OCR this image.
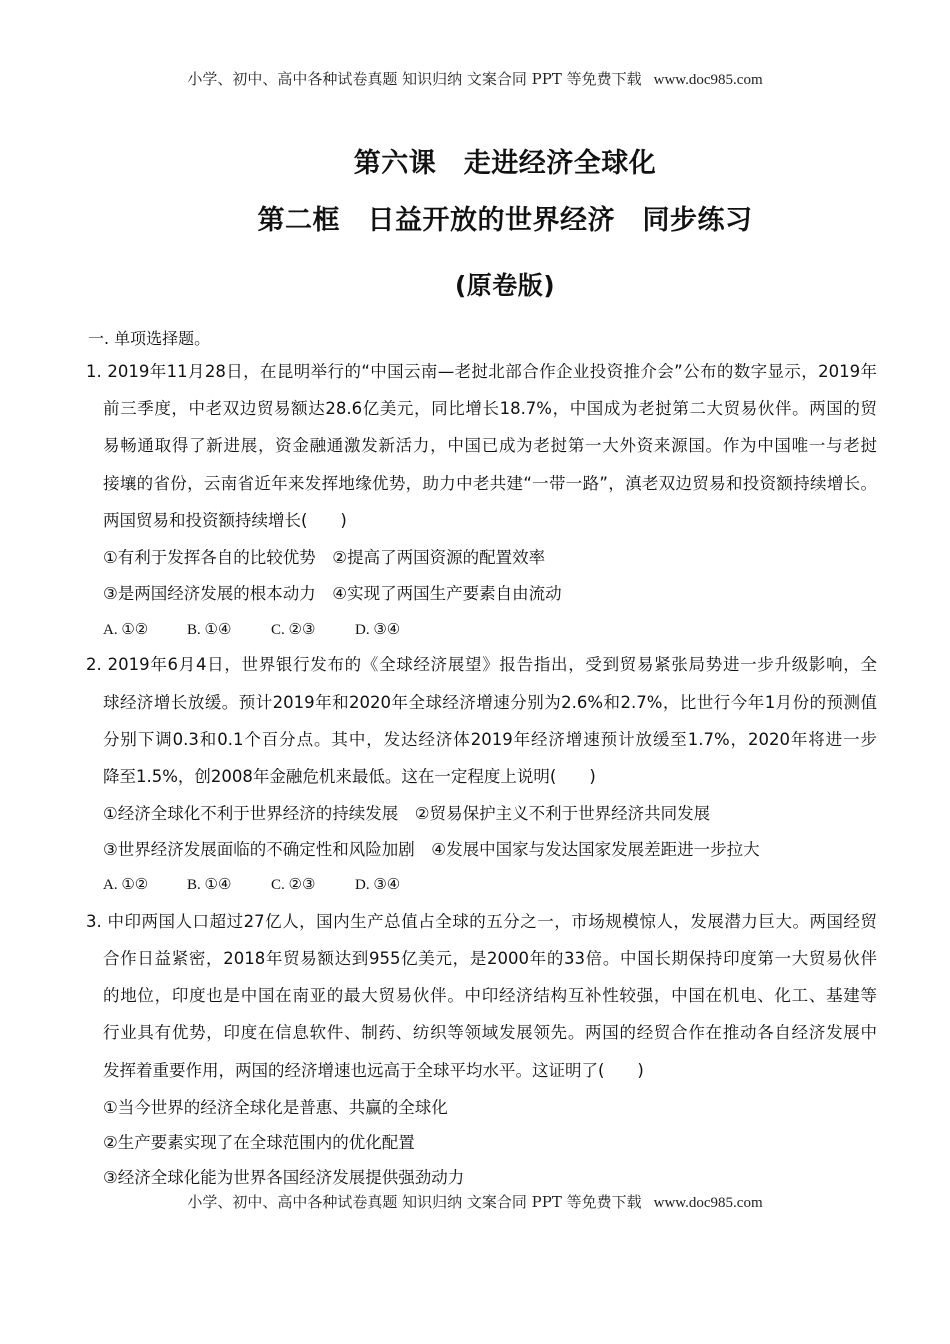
小学、初中、高中各种试卷真题 知识归纳 文案合同 PPT 等免费下载 www.doc985.com
第六课　走进经济全球化
第二框　日益开放的世界经济　同步练习
(原卷版)
一. 单项选择题。
1. 2019年11月28日，在昆明举行的“中国云南—老挝北部合作企业投资推介会”公布的数字显示，2019年
前三季度，中老双边贸易额达28.6亿美元，同比增长18.7%，中国成为老挝第二大贸易伙伴。两国的贸
易畅通取得了新进展，资金融通激发新活力，中国已成为老挝第一大外资来源国。作为中国唯一与老挝
接壤的省份，云南省近年来发挥地缘优势，助力中老共建“一带一路”，滇老双边贸易和投资额持续增长。
两国贸易和投资额持续增长(　　)
①有利于发挥各自的比较优势　②提高了两国资源的配置效率
③是两国经济发展的根本动力　④实现了两国生产要素自由流动
A. ①②	B. ①④	C. ②③	D. ③④
2. 2019年6月4日，世界银行发布的《全球经济展望》报告指出，受到贸易紧张局势进一步升级影响，全
球经济增长放缓。预计2019年和2020年全球经济增速分别为2.6%和2.7%，比世行今年1月份的预测值
分别下调0.3和0.1个百分点。其中，发达经济体2019年经济增速预计放缓至1.7%，2020年将进一步
降至1.5%，创2008年金融危机来最低。这在一定程度上说明(　　)
①经济全球化不利于世界经济的持续发展　②贸易保护主义不利于世界经济共同发展
③世界经济发展面临的不确定性和风险加剧　④发展中国家与发达国家发展差距进一步拉大
A. ①②	B. ①④	C. ②③	D. ③④
3. 中印两国人口超过27亿人，国内生产总值占全球的五分之一，市场规模惊人，发展潜力巨大。两国经贸
合作日益紧密，2018年贸易额达到955亿美元，是2000年的33倍。中国长期保持印度第一大贸易伙伴
的地位，印度也是中国在南亚的最大贸易伙伴。中印经济结构互补性较强，中国在机电、化工、基建等
行业具有优势，印度在信息软件、制药、纺织等领域发展领先。两国的经贸合作在推动各自经济发展中
发挥着重要作用，两国的经济增速也远高于全球平均水平。这证明了(　　)
①当今世界的经济全球化是普惠、共赢的全球化
②生产要素实现了在全球范围内的优化配置
③经济全球化能为世界各国经济发展提供强劲动力
小学、初中、高中各种试卷真题 知识归纳 文案合同 PPT 等免费下载 www.doc985.com
